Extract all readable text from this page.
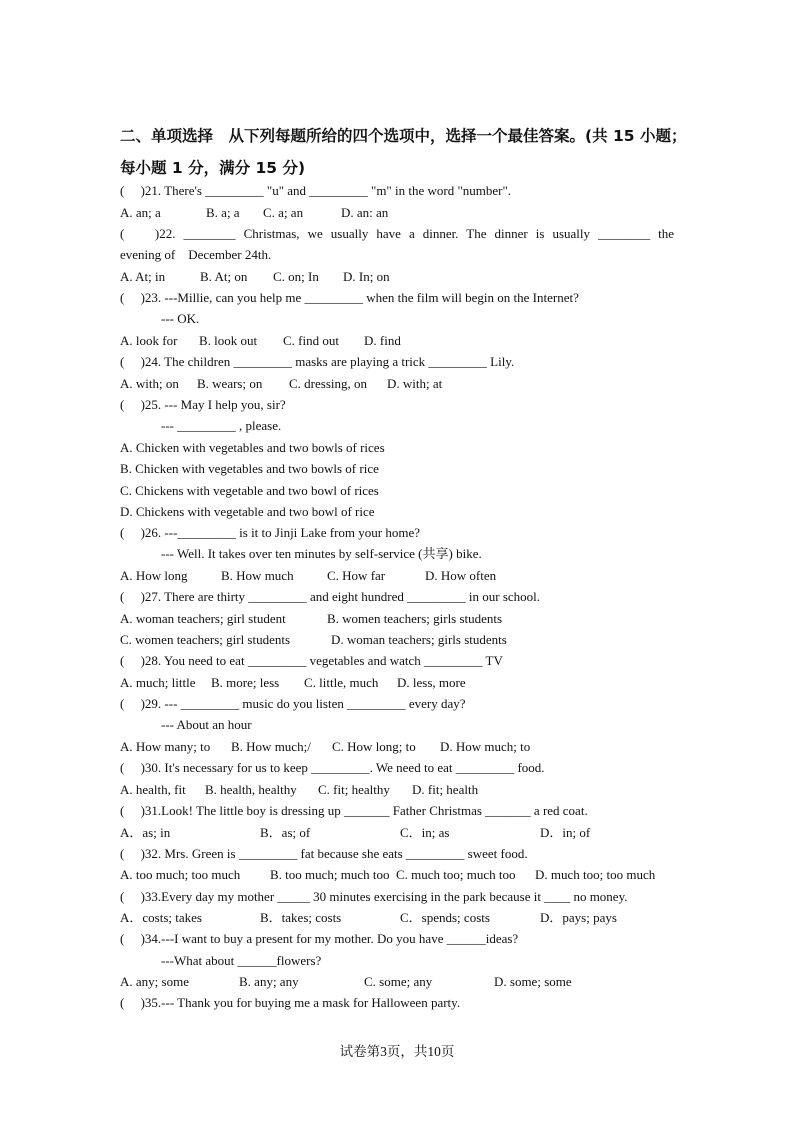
二、单项选择　从下列每题所给的四个选项中，选择一个最佳答案。(共 15 小题；
每小题 1 分，满分 15 分)
(　 )21. There's _________ "u" and _________ "m" in the word "number".
A. an; a	B. a; a C. a; an	D. an: an
(　 )22. ________ Christmas, we usually have a dinner. The dinner is usually ________ the
evening of　December 24th.
A. At; in	B. At; on C. on; In D. In; on
(　 )23. ---Millie, can you help me _________ when the film will begin on the Internet?
--- OK.
A. look for B. look out C. find out D. find
(　 )24. The children _________ masks are playing a trick _________ Lily.
A. with; on B. wears; on C. dressing, on D. with; at
(　 )25. --- May I help you, sir?
--- _________ , please.
A. Chicken with vegetables and two bowls of rices
B. Chicken with vegetables and two bowls of rice
C. Chickens with vegetable and two bowl of rices
D. Chickens with vegetable and two bowl of rice
(　 )26. ---_________ is it to Jinji Lake from your home?
--- Well. It takes over ten minutes by self-service (共享) bike.
A. How long	B. How much	C. How far	D. How often
(　 )27. There are thirty _________ and eight hundred _________ in our school.
A. woman teachers; girl student	B. women teachers; girls students
C. women teachers; girl students	D. woman teachers; girls students
(　 )28. You need to eat _________ vegetables and watch _________ TV
A. much; little B. more; less C. little, much D. less, more
(　 )29. --- _________ music do you listen _________ every day?
--- About an hour
A. How many; to B. How much;/ C. How long; to D. How much; to
(　 )30. It's necessary for us to keep _________. We need to eat _________ food.
A. health, fit B. health, healthy C. fit; healthy D. fit; health
(　 )31.Look! The little boy is dressing up _______ Father Christmas _______ a red coat.
A．as; in	B．as; of	C．in; as	D．in; of
(　 )32. Mrs. Green is _________ fat because she eats _________ sweet food.
A. too much; too much B. too much; much too C. much too; much too D. much too; too much
(　 )33.Every day my mother _____ 30 minutes exercising in the park because it ____ no money.
A．costs; takes	B．takes; costs	C．spends; costs	D．pays; pays
(　 )34.---I want to buy a present for my mother. Do you have ______ideas?
---What about ______flowers?
A. any; some	B. any; any	C. some; any	D. some; some
(　 )35.--- Thank you for buying me a mask for Halloween party.
试卷第3页，共10页
